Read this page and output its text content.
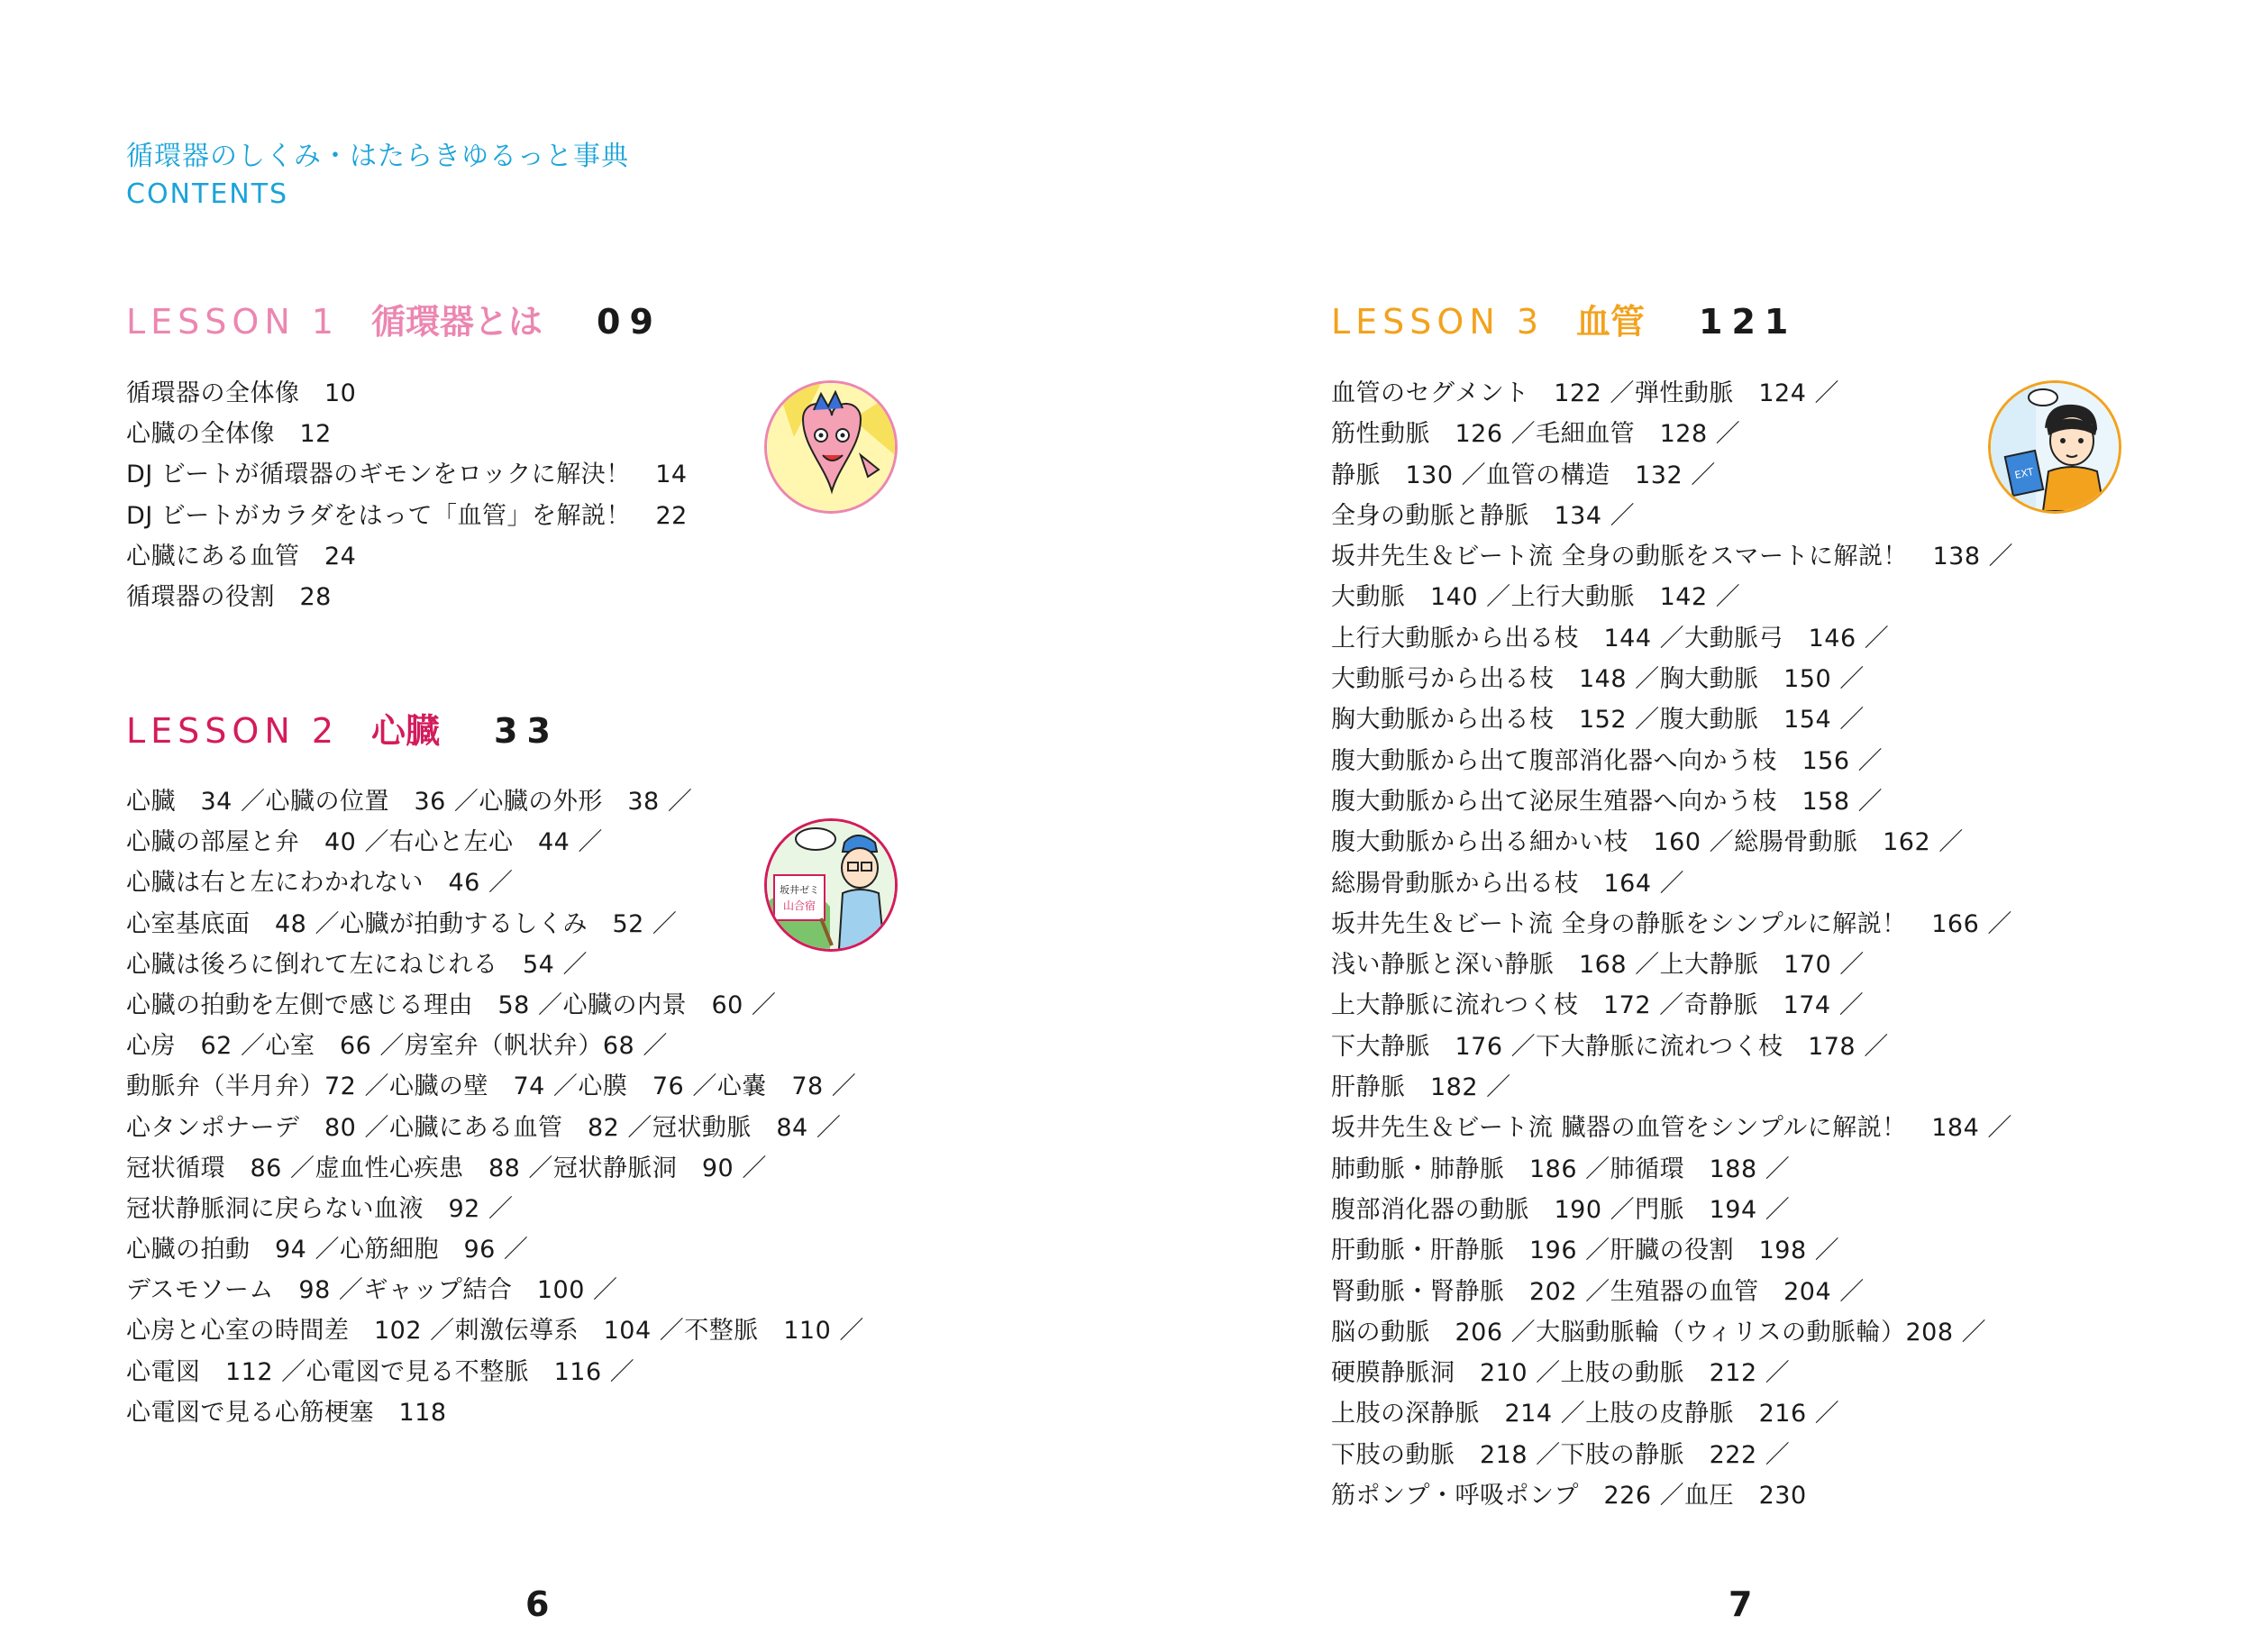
循環器のしくみ・はたらきゆるっと事典
CONTENTS
LESSON 1 循環器とは 09
循環器の全体像　10
心臓の全体像　12
DJ ビートが循環器のギモンをロックに解決！　14
DJ ビートがカラダをはって「血管」を解説！　22
心臓にある血管　24
循環器の役割　28
LESSON 2 心臓 33
心臓　34 ／心臓の位置　36 ／心臓の外形　38 ／
心臓の部屋と弁　40 ／右心と左心　44 ／
心臓は右と左にわかれない　46 ／
心室基底面　48 ／心臓が拍動するしくみ　52 ／
心臓は後ろに倒れて左にねじれる　54 ／
心臓の拍動を左側で感じる理由　58 ／心臓の内景　60 ／
心房　62 ／心室　66 ／房室弁（帆状弁）68 ／
動脈弁（半月弁）72 ／心臓の壁　74 ／心膜　76 ／心嚢　78 ／
心タンポナーデ　80 ／心臓にある血管　82 ／冠状動脈　84 ／
冠状循環　86 ／虚血性心疾患　88 ／冠状静脈洞　90 ／
冠状静脈洞に戻らない血液　92 ／
心臓の拍動　94 ／心筋細胞　96 ／
デスモソーム　98 ／ギャップ結合　100 ／
心房と心室の時間差　102 ／刺激伝導系　104 ／不整脈　110 ／
心電図　112 ／心電図で見る不整脈　116 ／
心電図で見る心筋梗塞　118
坂井ゼミ
山合宿
LESSON 3 血管 121
血管のセグメント　122 ／弾性動脈　124 ／
筋性動脈　126 ／毛細血管　128 ／
静脈　130 ／血管の構造　132 ／
全身の動脈と静脈　134 ／
坂井先生＆ビート流 全身の動脈をスマートに解説！　138 ／
大動脈　140 ／上行大動脈　142 ／
上行大動脈から出る枝　144 ／大動脈弓　146 ／
大動脈弓から出る枝　148 ／胸大動脈　150 ／
胸大動脈から出る枝　152 ／腹大動脈　154 ／
腹大動脈から出て腹部消化器へ向かう枝　156 ／
腹大動脈から出て泌尿生殖器へ向かう枝　158 ／
腹大動脈から出る細かい枝　160 ／総腸骨動脈　162 ／
総腸骨動脈から出る枝　164 ／
坂井先生＆ビート流 全身の静脈をシンプルに解説！　166 ／
浅い静脈と深い静脈　168 ／上大静脈　170 ／
上大静脈に流れつく枝　172 ／奇静脈　174 ／
下大静脈　176 ／下大静脈に流れつく枝　178 ／
肝静脈　182 ／
坂井先生＆ビート流 臓器の血管をシンプルに解説！　184 ／
肺動脈・肺静脈　186 ／肺循環　188 ／
腹部消化器の動脈　190 ／門脈　194 ／
肝動脈・肝静脈　196 ／肝臓の役割　198 ／
腎動脈・腎静脈　202 ／生殖器の血管　204 ／
脳の動脈　206 ／大脳動脈輪（ウィリスの動脈輪）208 ／
硬膜静脈洞　210 ／上肢の動脈　212 ／
上肢の深静脈　214 ／上肢の皮静脈　216 ／
下肢の動脈　218 ／下肢の静脈　222 ／
筋ポンプ・呼吸ポンプ　226 ／血圧　230
EXT
6	7
